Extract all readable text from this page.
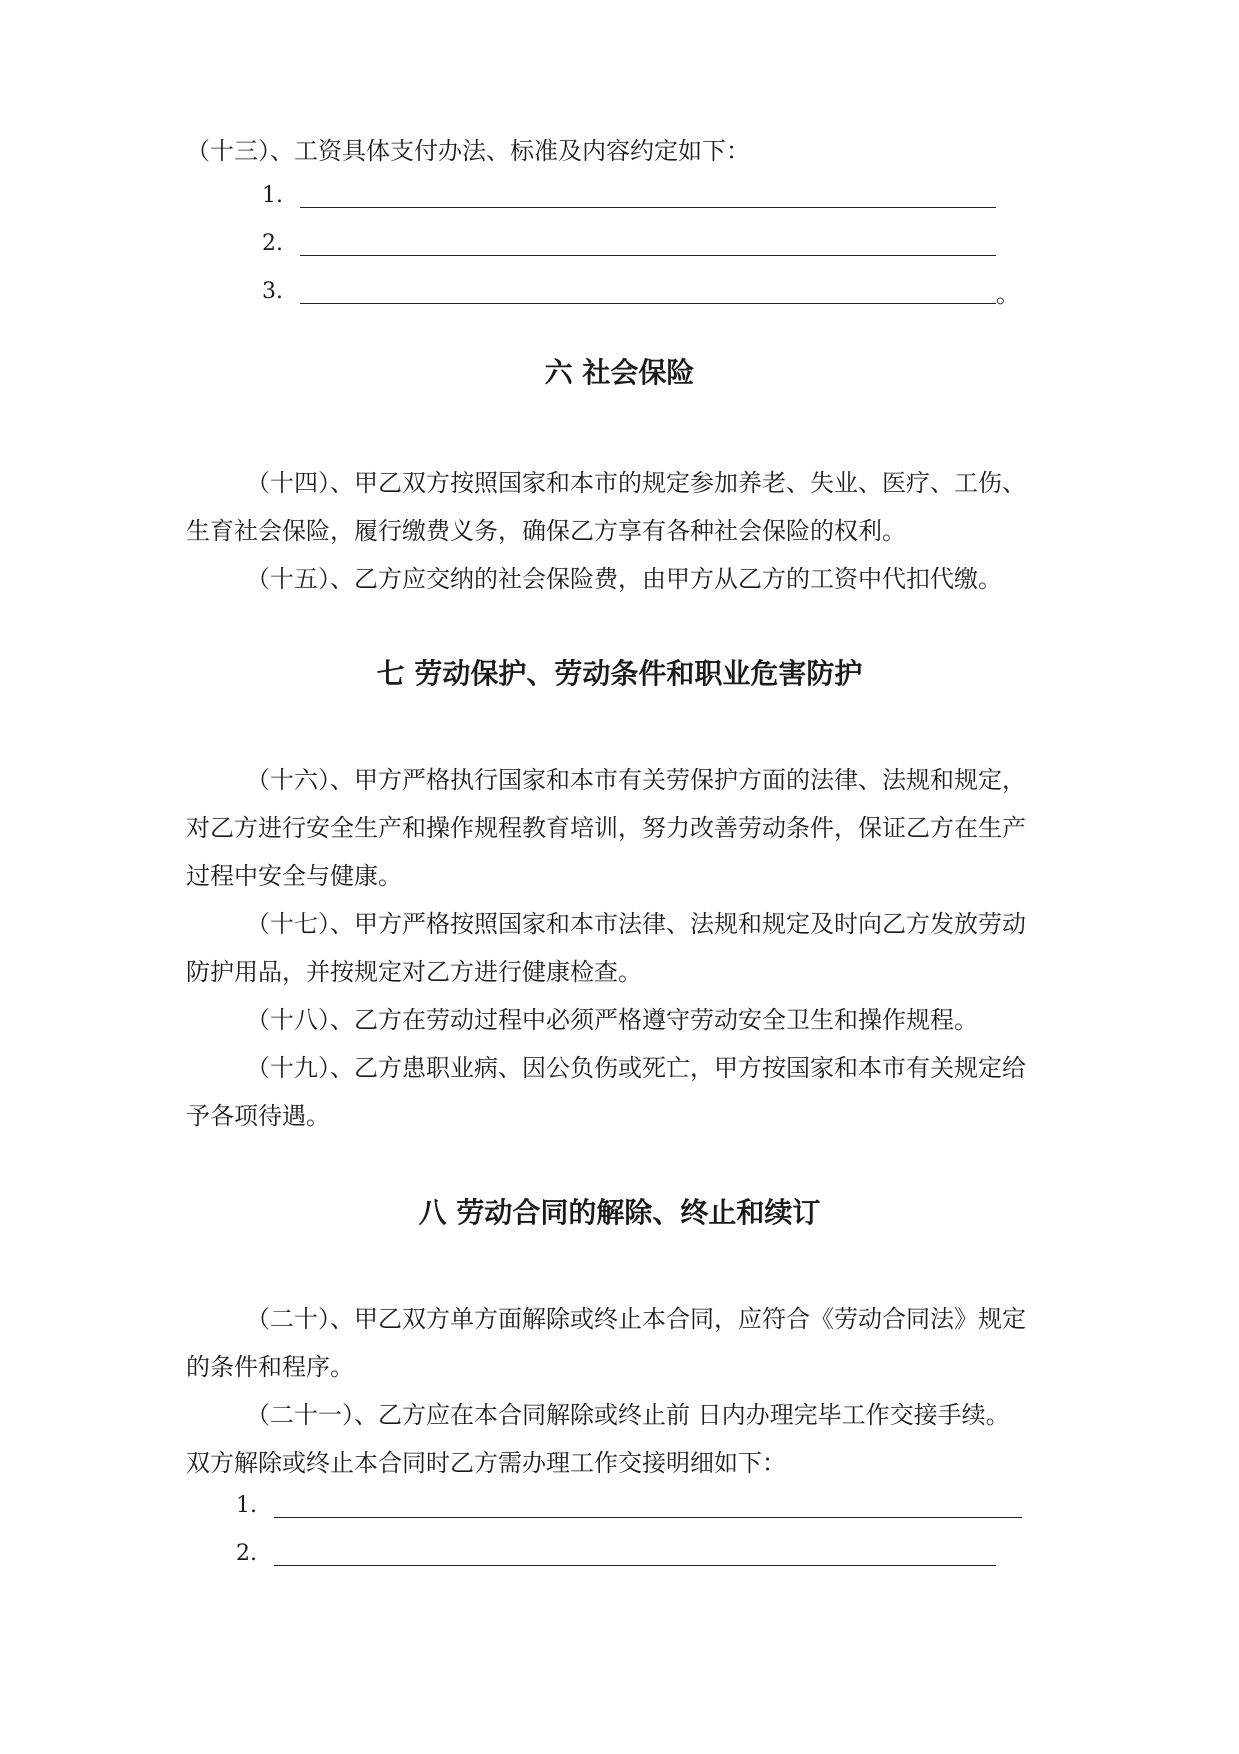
（十三）、工资具体支付办法、标准及内容约定如下：
1.
2.
3.	。
六 社会保险
（十四）、甲乙双方按照国家和本市的规定参加养老、失业、医疗、工伤、
生育社会保险，履行缴费义务，确保乙方享有各种社会保险的权利。
（十五）、乙方应交纳的社会保险费，由甲方从乙方的工资中代扣代缴。
七 劳动保护、劳动条件和职业危害防护
（十六）、甲方严格执行国家和本市有关劳保护方面的法律、法规和规定，
对乙方进行安全生产和操作规程教育培训，努力改善劳动条件，保证乙方在生产
过程中安全与健康。
（十七）、甲方严格按照国家和本市法律、法规和规定及时向乙方发放劳动
防护用品，并按规定对乙方进行健康检查。
（十八）、乙方在劳动过程中必须严格遵守劳动安全卫生和操作规程。
（十九）、乙方患职业病、因公负伤或死亡，甲方按国家和本市有关规定给
予各项待遇。
八 劳动合同的解除、终止和续订
（二十）、甲乙双方单方面解除或终止本合同，应符合《劳动合同法》规定
的条件和程序。
（二十一）、乙方应在本合同解除或终止前 日内办理完毕工作交接手续。
双方解除或终止本合同时乙方需办理工作交接明细如下：
1.
2.
